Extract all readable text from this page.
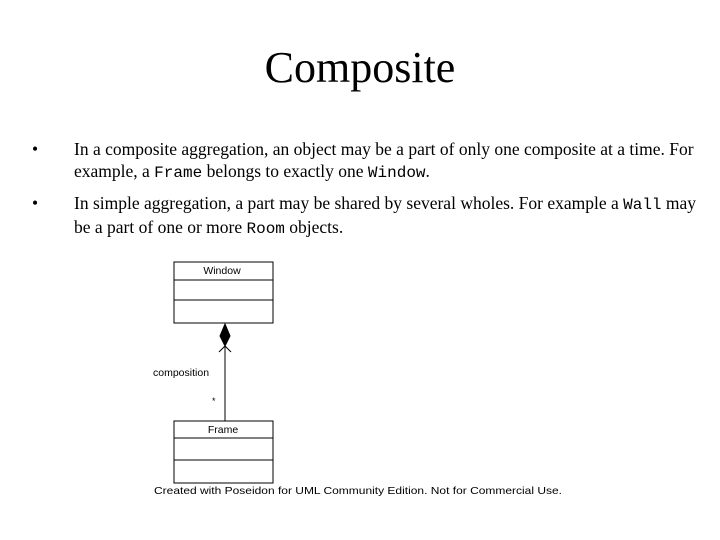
Composite
•	In a composite aggregation, an object may be a part of only one composite at a time. For example, a Frame belongs to exactly one Window.
•	In simple aggregation, a part may be shared by several wholes. For example a Wall may be a part of one or more Room objects.
Window
composition
*
Frame
Created with Poseidon for UML Community Edition. Not for Commercial Use.
